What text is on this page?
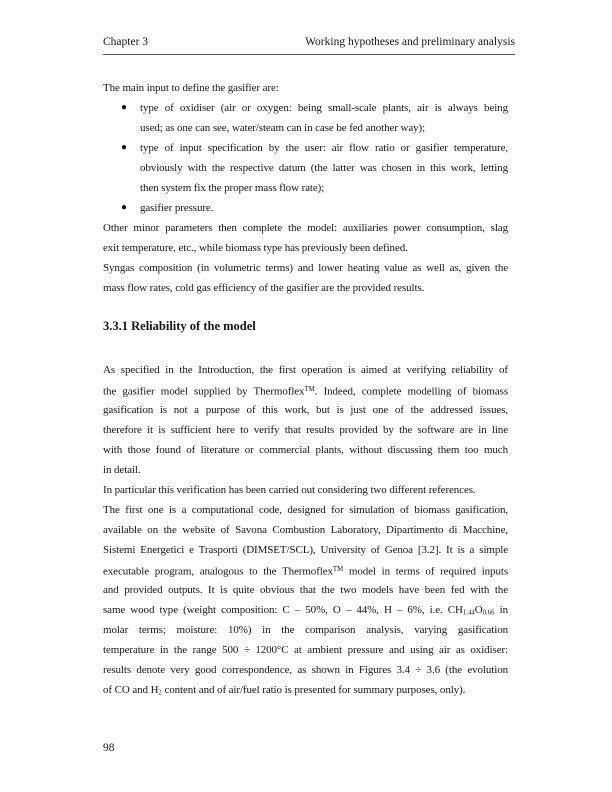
Chapter 3	Working hypotheses and preliminary analysis
The main input to define the gasifier are:
● type of oxidiser (air or oxygen: being small-scale plants, air is always being
used; as one can see, water/steam can in case be fed another way);
● type of input specification by the user: air flow ratio or gasifier temperature,
obviously with the respective datum (the latter was chosen in this work, letting
then system fix the proper mass flow rate);
● gasifier pressure.
Other minor parameters then complete the model: auxiliaries power consumption, slag
exit temperature, etc., while biomass type has previously been defined.
Syngas composition (in volumetric terms) and lower heating value as well as, given the
mass flow rates, cold gas efficiency of the gasifier are the provided results.
3.3.1 Reliability of the model
As specified in the Introduction, the first operation is aimed at verifying reliability of
the gasifier model supplied by Thermoflex™. Indeed, complete modelling of biomass
gasification is not a purpose of this work, but is just one of the addressed issues,
therefore it is sufficient here to verify that results provided by the software are in line
with those found of literature or commercial plants, without discussing them too much
in detail.
In particular this verification has been carried out considering two different references.
The first one is a computational code, designed for simulation of biomass gasification,
available on the website of Savona Combustion Laboratory, Dipartimento di Macchine,
Sistemi Energetici e Trasporti (DIMSET/SCL), University of Genoa [3.2]. It is a simple
executable program, analogous to the Thermoflex™ model in terms of required inputs
and provided outputs. It is quite obvious that the two models have been fed with the
same wood type (weight composition: C – 50%, O – 44%, H – 6%, i.e. $CH_{1.44}O_{0.66}$ in
molar terms; moisture: 10%) in the comparison analysis, varying gasification
temperature in the range 500 ÷ 1200°C at ambient pressure and using air as oxidiser:
results denote very good correspondence, as shown in Figures 3.4 ÷ 3.6 (the evolution
of CO and $H_2$ content and of air/fuel ratio is presented for summary purposes, only).
98
